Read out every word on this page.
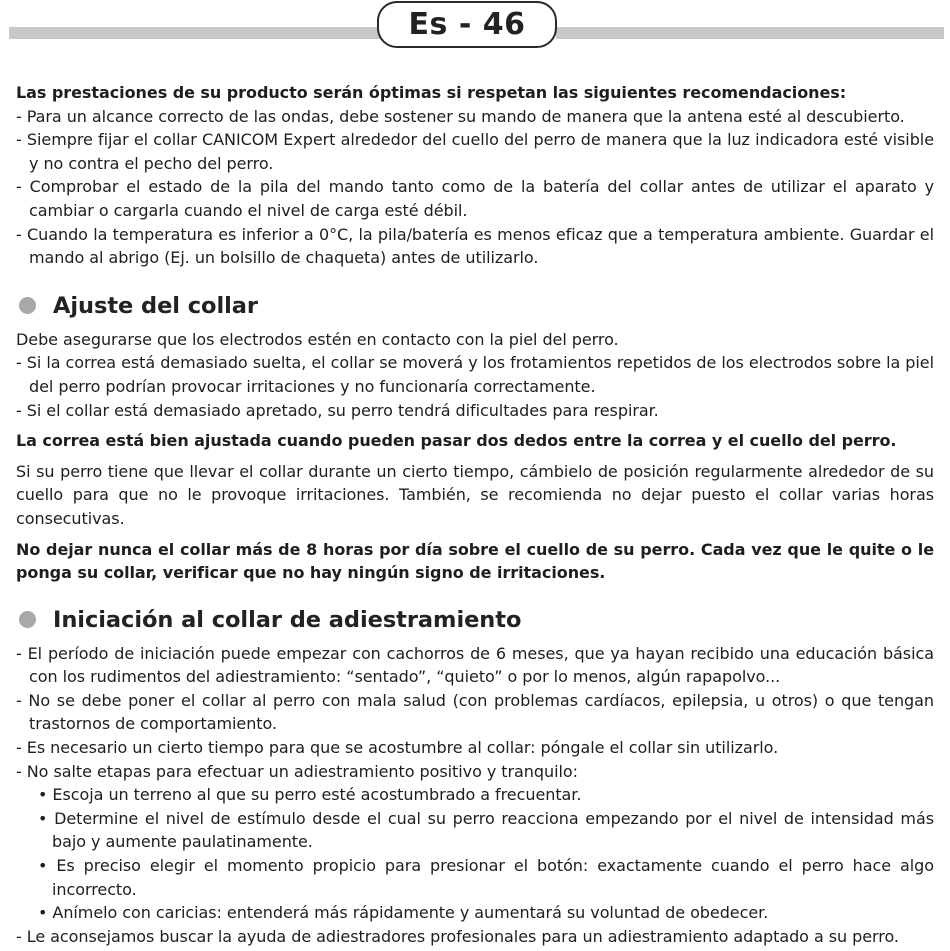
Es - 46

Las prestaciones de su producto serán óptimas si respetan las siguientes recomendaciones:

- Para un alcance correcto de las ondas, debe sostener su mando de manera que la antena esté al descubierto.

- Siempre fijar el collar CANICOM Expert alrededor del cuello del perro de manera que la luz indicadora esté visible y no contra el pecho del perro.

- Comprobar el estado de la pila del mando tanto como de la batería del collar antes de utilizar el aparato y cambiar o cargarla cuando el nivel de carga esté débil.

- Cuando la temperatura es inferior a 0°C, la pila/batería es menos eficaz que a temperatura ambiente. Guardar el mando al abrigo (Ej. un bolsillo de chaqueta) antes de utilizarlo.

Ajuste del collar

Debe asegurarse que los electrodos estén en contacto con la piel del perro.

- Si la correa está demasiado suelta, el collar se moverá y los frotamientos repetidos de los electrodos sobre la piel del perro podrían provocar irritaciones y no funcionaría correctamente.

- Si el collar está demasiado apretado, su perro tendrá dificultades para respirar.

La correa está bien ajustada cuando pueden pasar dos dedos entre la correa y el cuello del perro.

Si su perro tiene que llevar el collar durante un cierto tiempo, cámbielo de posición regularmente alrededor de su cuello para que no le provoque irritaciones. También, se recomienda no dejar puesto el collar varias horas consecutivas.

No dejar nunca el collar más de 8 horas por día sobre el cuello de su perro. Cada vez que le quite o le ponga su collar, verificar que no hay ningún signo de irritaciones.

Iniciación al collar de adiestramiento

- El período de iniciación puede empezar con cachorros de 6 meses, que ya hayan recibido una educación básica con los rudimentos del adiestramiento: “sentado”, “quieto” o por lo menos, algún rapapolvo...

- No se debe poner el collar al perro con mala salud (con problemas cardíacos, epilepsia, u otros) o que tengan trastornos de comportamiento.

- Es necesario un cierto tiempo para que se acostumbre al collar: póngale el collar sin utilizarlo.

- No salte etapas para efectuar un adiestramiento positivo y tranquilo:

• Escoja un terreno al que su perro esté acostumbrado a frecuentar.

• Determine el nivel de estímulo desde el cual su perro reacciona empezando por el nivel de intensidad más bajo y aumente paulatinamente.

• Es preciso elegir el momento propicio para presionar el botón: exactamente cuando el perro hace algo incorrecto.

• Anímelo con caricias: entenderá más rápidamente y aumentará su voluntad de obedecer.

- Le aconsejamos buscar la ayuda de adiestradores profesionales para un adiestramiento adaptado a su perro.
